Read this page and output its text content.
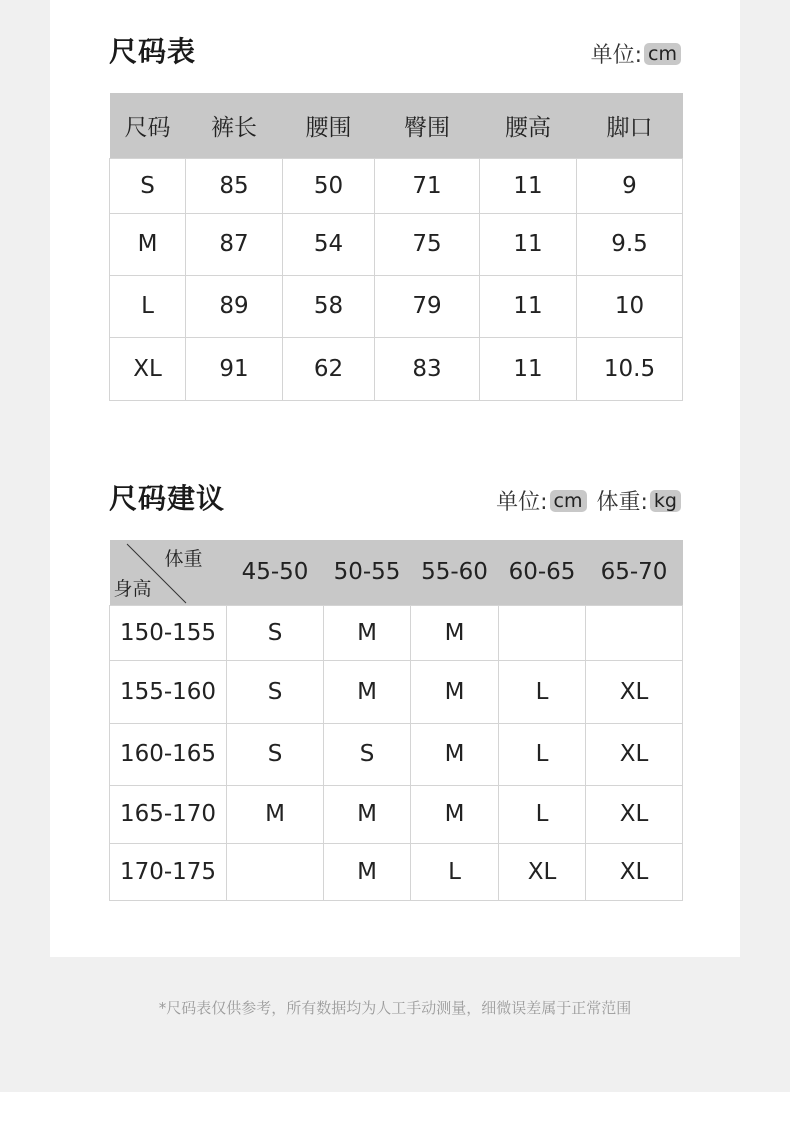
尺码表	单位: cm
尺码	裤长	腰围	臀围	腰高	脚口
S	85	50	71	11	9
M	87	54	75	11	9.5
L	89	58	79	11	10
XL	91	62	83	11	10.5
尺码建议	单位: cm 体重: kg
体重
身高	45-50	50-55	55-60	60-65	65-70
150-155	S	M	M		
155-160	S	M	M	L	XL
160-165	S	S	M	L	XL
165-170	M	M	M	L	XL
170-175		M	L	XL	XL
*尺码表仅供参考，所有数据均为人工手动测量，细微误差属于正常范围
